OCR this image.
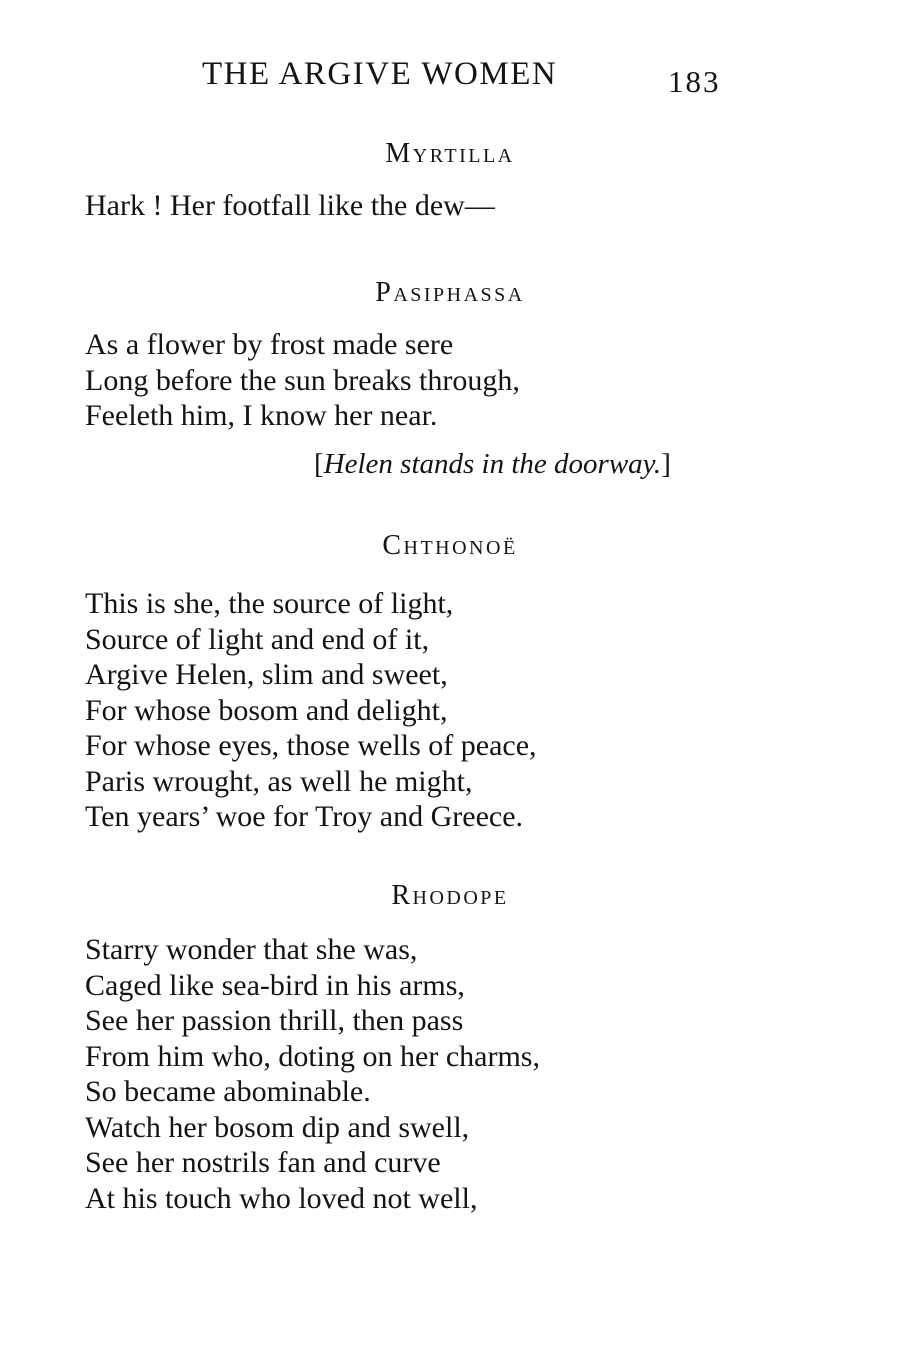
THE ARGIVE WOMEN	183
Myrtilla
Hark ! Her footfall like the dew—
Pasiphassa
As a flower by frost made sere
Long before the sun breaks through,
Feeleth him, I know her near.
[Helen stands in the doorway.]
Chthonoë
This is she, the source of light,
Source of light and end of it,
Argive Helen, slim and sweet,
For whose bosom and delight,
For whose eyes, those wells of peace,
Paris wrought, as well he might,
Ten years’ woe for Troy and Greece.
Rhodope
Starry wonder that she was,
Caged like sea-bird in his arms,
See her passion thrill, then pass
From him who, doting on her charms,
So became abominable.
Watch her bosom dip and swell,
See her nostrils fan and curve
At his touch who loved not well,
